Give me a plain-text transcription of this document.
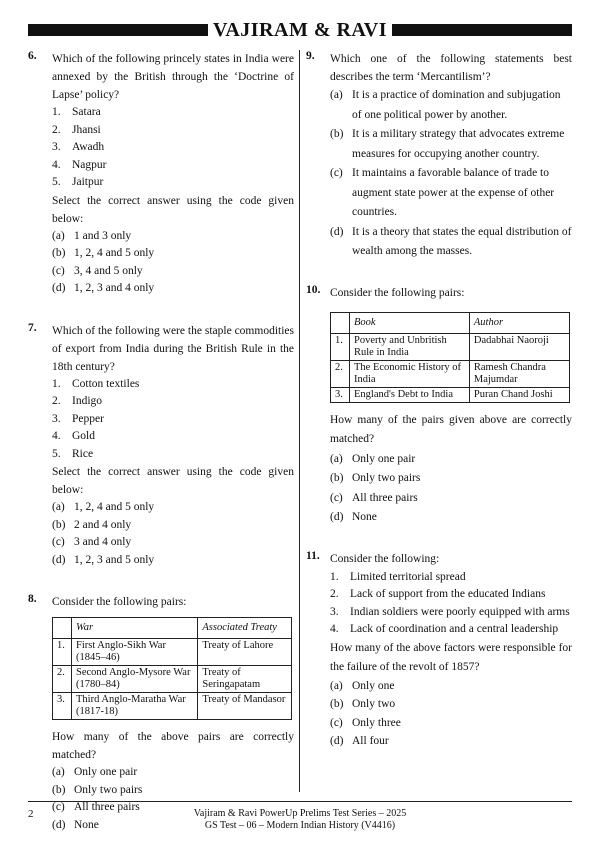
VAJIRAM & RAVI
6. Which of the following princely states in India were annexed by the British through the ‘Doctrine of Lapse’ policy?
1. Satara
2. Jhansi
3. Awadh
4. Nagpur
5. Jaitpur
Select the correct answer using the code given below:
(a) 1 and 3 only
(b) 1, 2, 4 and 5 only
(c) 3, 4 and 5 only
(d) 1, 2, 3 and 4 only
7. Which of the following were the staple commodities of export from India during the British Rule in the 18th century?
1. Cotton textiles
2. Indigo
3. Pepper
4. Gold
5. Rice
Select the correct answer using the code given below:
(a) 1, 2, 4 and 5 only
(b) 2 and 4 only
(c) 3 and 4 only
(d) 1, 2, 3 and 5 only
8. Consider the following pairs:
	War	Associated Treaty
1.	First Anglo-Sikh War (1845–46)	Treaty of Lahore
2.	Second Anglo-Mysore War (1780–84)	Treaty of Seringapatam
3.	Third Anglo-Maratha War (1817-18)	Treaty of Mandasor
How many of the above pairs are correctly matched?
(a) Only one pair
(b) Only two pairs
(c) All three pairs
(d) None
9. Which one of the following statements best describes the term ‘Mercantilism’?
(a) It is a practice of domination and subjugation of one political power by another.
(b) It is a military strategy that advocates extreme measures for occupying another country.
(c) It maintains a favorable balance of trade to augment state power at the expense of other countries.
(d) It is a theory that states the equal distribution of wealth among the masses.
10. Consider the following pairs:
	Book	Author
1.	Poverty and Unbritish Rule in India	Dadabhai Naoroji
2.	The Economic History of India	Ramesh Chandra Majumdar
3.	England's Debt to India	Puran Chand Joshi
How many of the pairs given above are correctly matched?
(a) Only one pair
(b) Only two pairs
(c) All three pairs
(d) None
11. Consider the following:
1. Limited territorial spread
2. Lack of support from the educated Indians
3. Indian soldiers were poorly equipped with arms
4. Lack of coordination and a central leadership
How many of the above factors were responsible for the failure of the revolt of 1857?
(a) Only one
(b) Only two
(c) Only three
(d) All four
2	Vajiram & Ravi PowerUp Prelims Test Series – 2025
GS Test – 06 – Modern Indian History (V4416)
